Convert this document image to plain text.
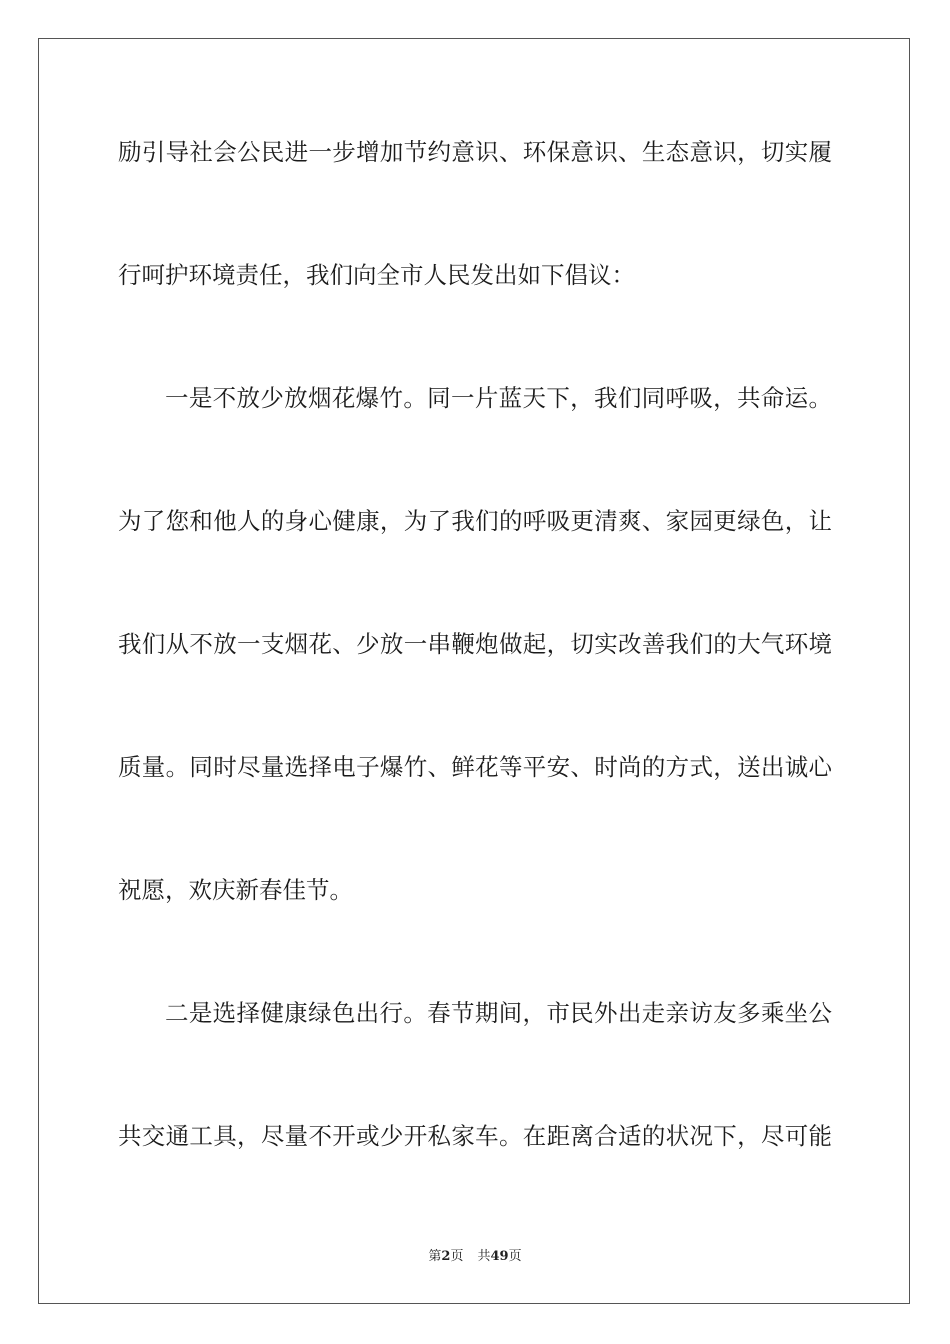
励引导社会公民进一步增加节约意识、环保意识、生态意识，切实履
行呵护环境责任，我们向全市人民发出如下倡议：
一是不放少放烟花爆竹。同一片蓝天下，我们同呼吸，共命运。
为了您和他人的身心健康，为了我们的呼吸更清爽、家园更绿色，让
我们从不放一支烟花、少放一串鞭炮做起，切实改善我们的大气环境
质量。同时尽量选择电子爆竹、鲜花等平安、时尚的方式，送出诚心
祝愿，欢庆新春佳节。
二是选择健康绿色出行。春节期间，市民外出走亲访友多乘坐公
共交通工具，尽量不开或少开私家车。在距离合适的状况下，尽可能
第2页 共49页
